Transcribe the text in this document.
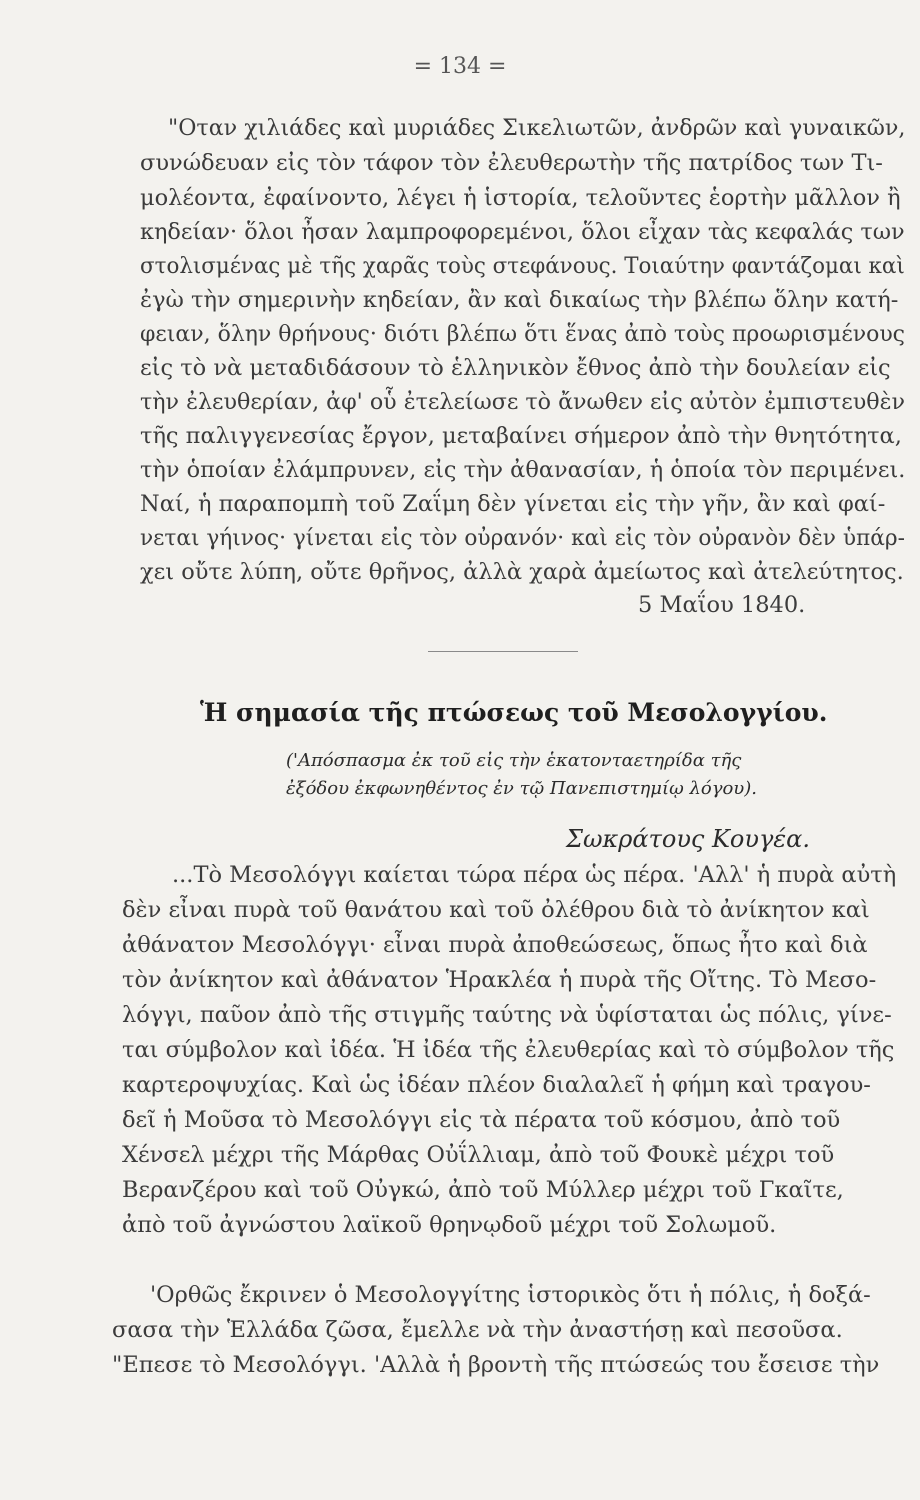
= 134 =
"Οταν χιλιάδες καὶ μυριάδες Σικελιωτῶν, ἀνδρῶν καὶ γυναικῶν,
συνώδευαν εἰς τὸν τάφον τὸν ἐλευθερωτὴν τῆς πατρίδος των Τι-
μολέοντα, ἐφαίνοντο, λέγει ἡ ἱστορία, τελοῦντες ἑορτὴν μᾶλλον ἢ
κηδείαν· ὅλοι ἦσαν λαμπροφορεμένοι, ὅλοι εἶχαν τὰς κεφαλάς των
στολισμένας μὲ τῆς χαρᾶς τοὺς στεφάνους. Τοιαύτην φαντάζομαι καὶ
ἐγὼ τὴν σημερινὴν κηδείαν, ἂν καὶ δικαίως τὴν βλέπω ὅλην κατή-
φειαν, ὅλην θρήνους· διότι βλέπω ὅτι ἕνας ἀπὸ τοὺς προωρισμένους
εἰς τὸ νὰ μεταδιδάσουν τὸ ἑλληνικὸν ἔθνος ἀπὸ τὴν δουλείαν εἰς
τὴν ἐλευθερίαν, ἀφ' οὗ ἐτελείωσε τὸ ἄνωθεν εἰς αὐτὸν ἐμπιστευθὲν
τῆς παλιγγενεσίας ἔργον, μεταβαίνει σήμερον ἀπὸ τὴν θνητότητα,
τὴν ὁποίαν ἐλάμπρυνεν, εἰς τὴν ἀθανασίαν, ἡ ὁποία τὸν περιμένει.
Ναί, ἡ παραπομπὴ τοῦ Ζαΐμη δὲν γίνεται εἰς τὴν γῆν, ἂν καὶ φαί-
νεται γήινος· γίνεται εἰς τὸν οὐρανόν· καὶ εἰς τὸν οὐρανὸν δὲν ὑπάρ-
χει οὔτε λύπη, οὔτε θρῆνος, ἀλλὰ χαρὰ ἀμείωτος καὶ ἀτελεύτητος.
5 Μαΐου 1840.
Ἡ σημασία τῆς πτώσεως τοῦ Μεσολογγίου.
('Απόσπασμα ἐκ τοῦ εἰς τὴν ἑκατονταετηρίδα τῆς
ἐξόδου ἐκφωνηθέντος ἐν τῷ Πανεπιστημίῳ λόγου).
Σωκράτους Κουγέα.
...Τὸ Μεσολόγγι καίεται τώρα πέρα ὡς πέρα. 'Αλλ' ἡ πυρὰ αὐτὴ
δὲν εἶναι πυρὰ τοῦ θανάτου καὶ τοῦ ὀλέθρου διὰ τὸ ἀνίκητον καὶ
ἀθάνατον Μεσολόγγι· εἶναι πυρὰ ἀποθεώσεως, ὅπως ἦτο καὶ διὰ
τὸν ἀνίκητον καὶ ἀθάνατον Ἡρακλέα ἡ πυρὰ τῆς Οἴτης. Τὸ Μεσο-
λόγγι, παῦον ἀπὸ τῆς στιγμῆς ταύτης νὰ ὑφίσταται ὡς πόλις, γίνε-
ται σύμβολον καὶ ἰδέα. Ἡ ἰδέα τῆς ἐλευθερίας καὶ τὸ σύμβολον τῆς
καρτεροψυχίας. Καὶ ὡς ἰδέαν πλέον διαλαλεῖ ἡ φήμη καὶ τραγου-
δεῖ ἡ Μοῦσα τὸ Μεσολόγγι εἰς τὰ πέρατα τοῦ κόσμου, ἀπὸ τοῦ
Χένσελ μέχρι τῆς Μάρθας Οὐΐλλιαμ, ἀπὸ τοῦ Φουκὲ μέχρι τοῦ
Βερανζέρου καὶ τοῦ Οὐγκώ, ἀπὸ τοῦ Μύλλερ μέχρι τοῦ Γκαῖτε,
ἀπὸ τοῦ ἀγνώστου λαϊκοῦ θρηνῳδοῦ μέχρι τοῦ Σολωμοῦ.
'Ορθῶς ἔκρινεν ὁ Μεσολογγίτης ἱστορικὸς ὅτι ἡ πόλις, ἡ δοξά-
σασα τὴν Ἑλλάδα ζῶσα, ἔμελλε νὰ τὴν ἀναστήσῃ καὶ πεσοῦσα.
"Επεσε τὸ Μεσολόγγι. 'Αλλὰ ἡ βροντὴ τῆς πτώσεώς του ἔσεισε τὴν
